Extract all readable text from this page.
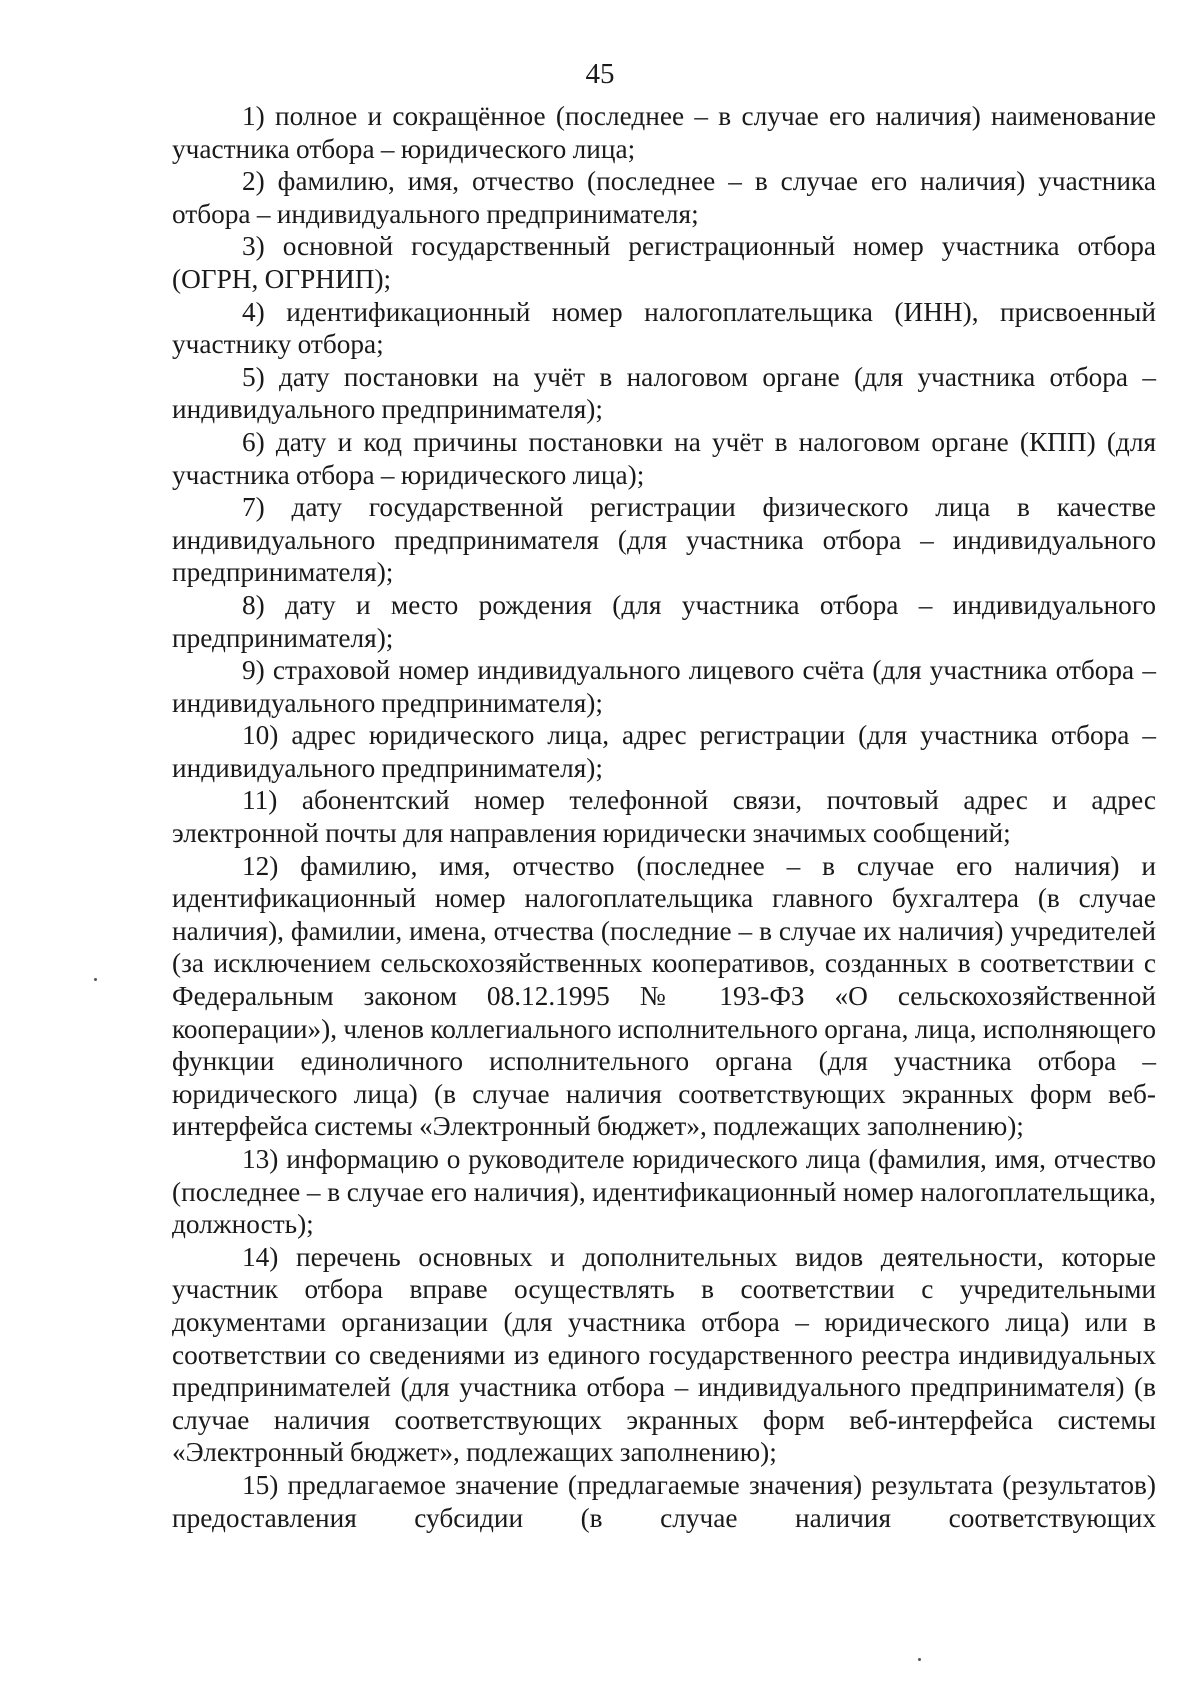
45

1) полное и сокращённое (последнее – в случае его наличия) наименование участника отбора – юридического лица;

2) фамилию, имя, отчество (последнее – в случае его наличия) участника отбора – индивидуального предпринимателя;

3) основной государственный регистрационный номер участника отбора (ОГРН, ОГРНИП);

4) идентификационный номер налогоплательщика (ИНН), присвоенный участнику отбора;

5) дату постановки на учёт в налоговом органе (для участника отбора – индивидуального предпринимателя);

6) дату и код причины постановки на учёт в налоговом органе (КПП) (для участника отбора – юридического лица);

7) дату государственной регистрации физического лица в качестве индивидуального предпринимателя (для участника отбора – индивидуального предпринимателя);

8) дату и место рождения (для участника отбора – индивидуального предпринимателя);

9) страховой номер индивидуального лицевого счёта (для участника отбора – индивидуального предпринимателя);

10) адрес юридического лица, адрес регистрации (для участника отбора – индивидуального предпринимателя);

11) абонентский номер телефонной связи, почтовый адрес и адрес электронной почты для направления юридически значимых сообщений;

12) фамилию, имя, отчество (последнее – в случае его наличия) и идентификационный номер налогоплательщика главного бухгалтера (в случае наличия), фамилии, имена, отчества (последние – в случае их наличия) учредителей (за исключением сельскохозяйственных кооперативов, созданных в соответствии с Федеральным законом 08.12.1995 № 193-ФЗ «О сельскохозяйственной кооперации»), членов коллегиального исполнительного органа, лица, исполняющего функции единоличного исполнительного органа (для участника отбора – юридического лица) (в случае наличия соответствующих экранных форм веб-интерфейса системы «Электронный бюджет», подлежащих заполнению);

13) информацию о руководителе юридического лица (фамилия, имя, отчество (последнее – в случае его наличия), идентификационный номер налогоплательщика, должность);

14) перечень основных и дополнительных видов деятельности, которые участник отбора вправе осуществлять в соответствии с учредительными документами организации (для участника отбора – юридического лица) или в соответствии со сведениями из единого государственного реестра индивидуальных предпринимателей (для участника отбора – индивидуального предпринимателя) (в случае наличия соответствующих экранных форм веб-интерфейса системы «Электронный бюджет», подлежащих заполнению);

15) предлагаемое значение (предлагаемые значения) результата (результатов) предоставления субсидии (в случае наличия соответствующих
